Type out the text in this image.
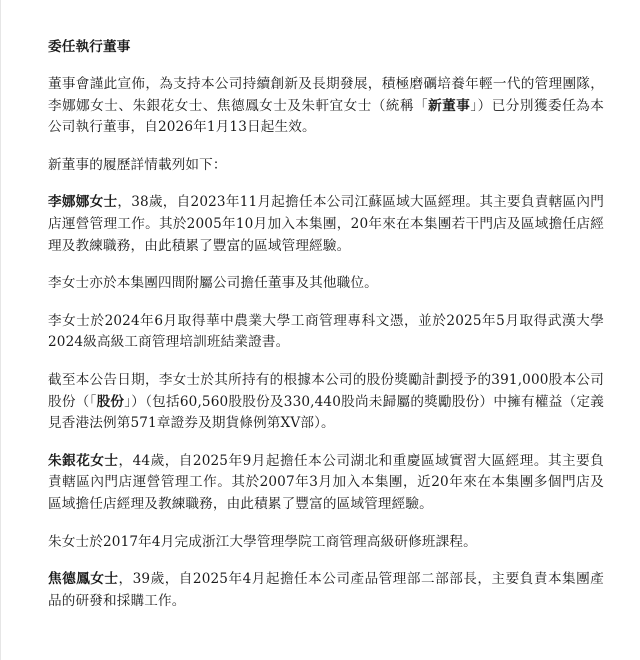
委任執行董事

董事會謹此宣佈，為支持本公司持續創新及長期發展，積極磨礪培養年輕一代的管理團隊，李娜娜女士、朱銀花女士、焦德鳳女士及朱軒宜女士（統稱「新董事」）已分別獲委任為本公司執行董事，自2026年1月13日起生效。

新董事的履歷詳情載列如下：

李娜娜女士，38歲，自2023年11月起擔任本公司江蘇區域大區經理。其主要負責轄區內門店運營管理工作。其於2005年10月加入本集團，20年來在本集團若干門店及區域擔任店經理及教練職務，由此積累了豐富的區域管理經驗。

李女士亦於本集團四間附屬公司擔任董事及其他職位。

李女士於2024年6月取得華中農業大學工商管理專科文憑，並於2025年5月取得武漢大學2024級高級工商管理培訓班結業證書。

截至本公告日期，李女士於其所持有的根據本公司的股份獎勵計劃授予的391,000股本公司股份（「股份」）（包括60,560股股份及330,440股尚未歸屬的獎勵股份）中擁有權益（定義見香港法例第571章證券及期貨條例第XV部）。

朱銀花女士，44歲，自2025年9月起擔任本公司湖北和重慶區域實習大區經理。其主要負責轄區內門店運營管理工作。其於2007年3月加入本集團，近20年來在本集團多個門店及區域擔任店經理及教練職務，由此積累了豐富的區域管理經驗。

朱女士於2017年4月完成浙江大學管理學院工商管理高級研修班課程。

焦德鳳女士，39歲，自2025年4月起擔任本公司產品管理部二部部長，主要負責本集團產品的研發和採購工作。
